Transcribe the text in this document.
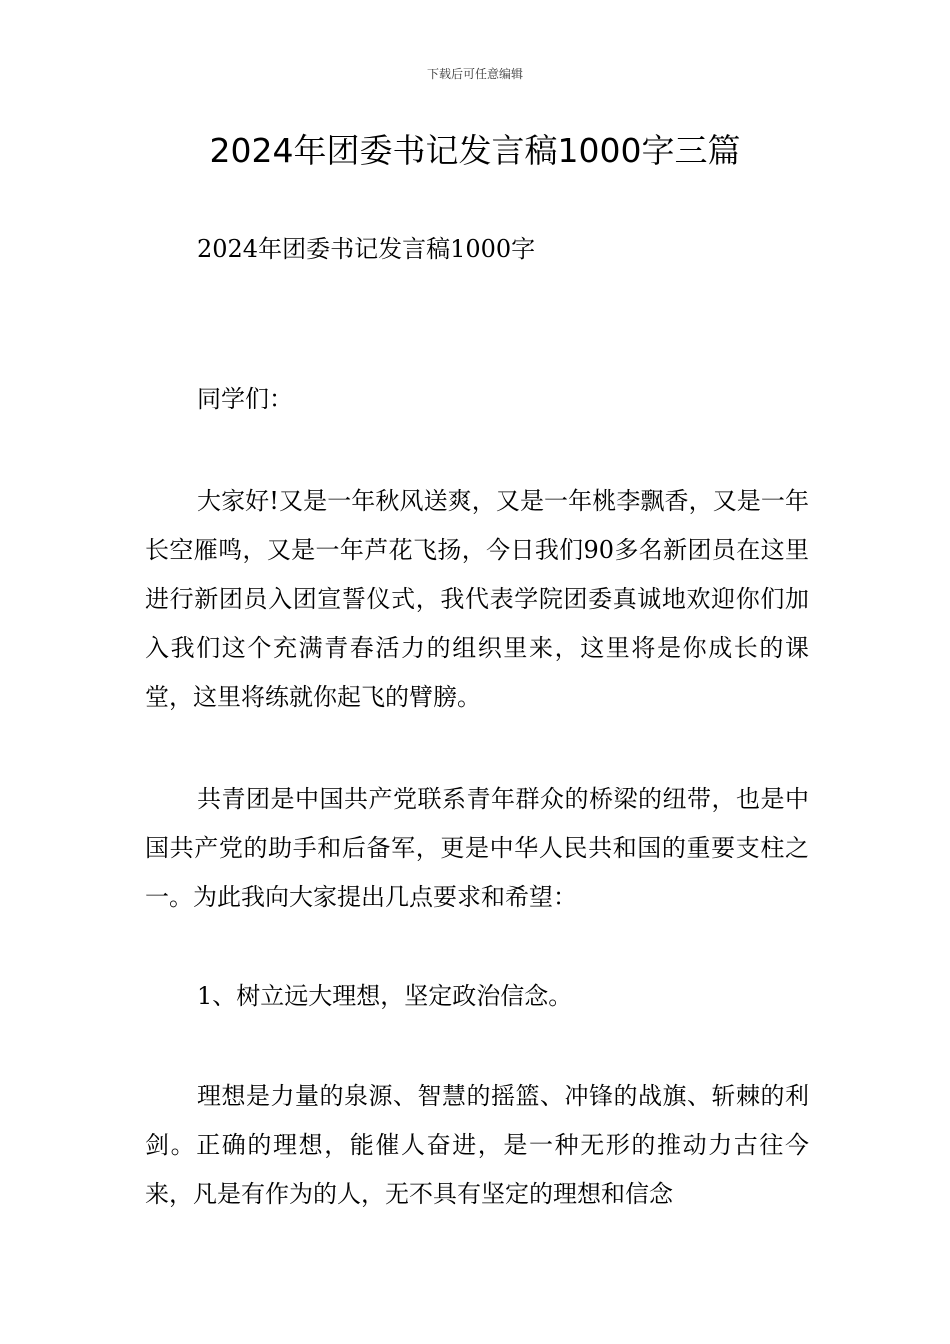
下载后可任意编辑
2024年团委书记发言稿1000字三篇

2024年团委书记发言稿1000字

同学们：

大家好!又是一年秋风送爽，又是一年桃李飘香，又是一年长空雁鸣，又是一年芦花飞扬，今日我们90多名新团员在这里进行新团员入团宣誓仪式，我代表学院团委真诚地欢迎你们加入我们这个充满青春活力的组织里来，这里将是你成长的课堂，这里将练就你起飞的臂膀。

共青团是中国共产党联系青年群众的桥梁的纽带，也是中国共产党的助手和后备军，更是中华人民共和国的重要支柱之一。为此我向大家提出几点要求和希望：

1、树立远大理想，坚定政治信念。

理想是力量的泉源、智慧的摇篮、冲锋的战旗、斩棘的利剑。正确的理想，能催人奋进，是一种无形的推动力古往今来，凡是有作为的人，无不具有坚定的理想和信念
